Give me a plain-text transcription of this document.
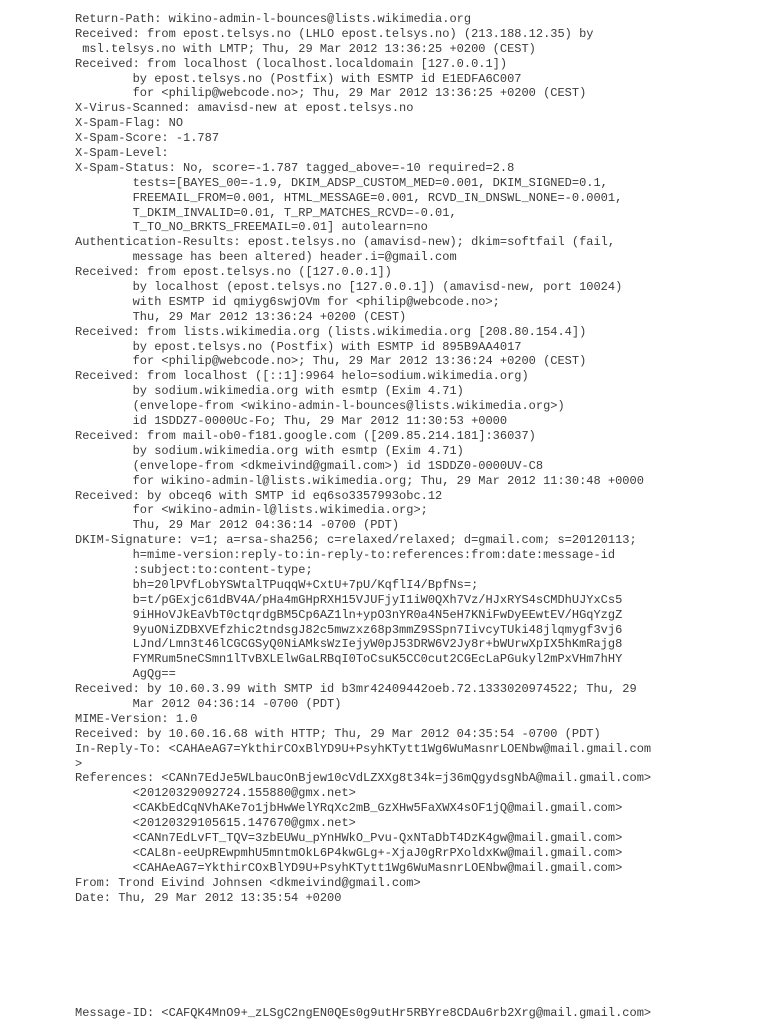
Return-Path: wikino-admin-l-bounces@lists.wikimedia.org
Received: from epost.telsys.no (LHLO epost.telsys.no) (213.188.12.35) by
msl.telsys.no with LMTP; Thu, 29 Mar 2012 13:36:25 +0200 (CEST)
Received: from localhost (localhost.localdomain [127.0.0.1])
by epost.telsys.no (Postfix) with ESMTP id E1EDFA6C007
for <philip@webcode.no>; Thu, 29 Mar 2012 13:36:25 +0200 (CEST)
X-Virus-Scanned: amavisd-new at epost.telsys.no
X-Spam-Flag: NO
X-Spam-Score: -1.787
X-Spam-Level:
X-Spam-Status: No, score=-1.787 tagged_above=-10 required=2.8
tests=[BAYES_00=-1.9, DKIM_ADSP_CUSTOM_MED=0.001, DKIM_SIGNED=0.1,
FREEMAIL_FROM=0.001, HTML_MESSAGE=0.001, RCVD_IN_DNSWL_NONE=-0.0001,
T_DKIM_INVALID=0.01, T_RP_MATCHES_RCVD=-0.01,
T_TO_NO_BRKTS_FREEMAIL=0.01] autolearn=no
Authentication-Results: epost.telsys.no (amavisd-new); dkim=softfail (fail,
message has been altered) header.i=@gmail.com
Received: from epost.telsys.no ([127.0.0.1])
by localhost (epost.telsys.no [127.0.0.1]) (amavisd-new, port 10024)
with ESMTP id qmiyg6swjOVm for <philip@webcode.no>;
Thu, 29 Mar 2012 13:36:24 +0200 (CEST)
Received: from lists.wikimedia.org (lists.wikimedia.org [208.80.154.4])
by epost.telsys.no (Postfix) with ESMTP id 895B9AA4017
for <philip@webcode.no>; Thu, 29 Mar 2012 13:36:24 +0200 (CEST)
Received: from localhost ([::1]:9964 helo=sodium.wikimedia.org)
by sodium.wikimedia.org with esmtp (Exim 4.71)
(envelope-from <wikino-admin-l-bounces@lists.wikimedia.org>)
id 1SDDZ7-0000Uc-Fo; Thu, 29 Mar 2012 11:30:53 +0000
Received: from mail-ob0-f181.google.com ([209.85.214.181]:36037)
by sodium.wikimedia.org with esmtp (Exim 4.71)
(envelope-from <dkmeivind@gmail.com>) id 1SDDZ0-0000UV-C8
for wikino-admin-l@lists.wikimedia.org; Thu, 29 Mar 2012 11:30:48 +0000
Received: by obceq6 with SMTP id eq6so3357993obc.12
for <wikino-admin-l@lists.wikimedia.org>;
Thu, 29 Mar 2012 04:36:14 -0700 (PDT)
DKIM-Signature: v=1; a=rsa-sha256; c=relaxed/relaxed; d=gmail.com; s=20120113;
h=mime-version:reply-to:in-reply-to:references:from:date:message-id
:subject:to:content-type;
bh=20lPVfLobYSWtalTPuqqW+CxtU+7pU/KqflI4/BpfNs=;
b=t/pGExjc61dBV4A/pHa4mGHpRXH15VJUFjyI1iW0QXh7Vz/HJxRYS4sCMDhUJYxCs5
9iHHoVJkEaVbT0ctqrdgBM5Cp6AZ1ln+ypO3nYR0a4N5eH7KNiFwDyEEwtEV/HGqYzgZ
9yuONiZDBXVEfzhic2tndsgJ82c5mwzxz68p3mmZ9SSpn7IivcyTUki48jlqmygf3vj6
LJnd/Lmn3t46lCGCGSyQ0NiAMksWzIejyW0pJ53DRW6V2Jy8r+bWUrwXpIX5hKmRajg8
FYMRum5neCSmn1lTvBXLElwGaLRBqI0ToCsuK5CC0cut2CGEcLaPGukyl2mPxVHm7hHY
AgQg==
Received: by 10.60.3.99 with SMTP id b3mr42409442oeb.72.1333020974522; Thu, 29
Mar 2012 04:36:14 -0700 (PDT)
MIME-Version: 1.0
Received: by 10.60.16.68 with HTTP; Thu, 29 Mar 2012 04:35:54 -0700 (PDT)
In-Reply-To: <CAHAeAG7=YkthirCOxBlYD9U+PsyhKTytt1Wg6WuMasnrLOENbw@mail.gmail.com
>
References: <CANn7EdJe5WLbaucOnBjew10cVdLZXXg8t34k=j36mQgydsgNbA@mail.gmail.com>
<20120329092724.155880@gmx.net>
<CAKbEdCqNVhAKe7o1jbHwWelYRqXc2mB_GzXHw5FaXWX4sOF1jQ@mail.gmail.com>
<20120329105615.147670@gmx.net>
<CANn7EdLvFT_TQV=3zbEUWu_pYnHWkO_Pvu-QxNTaDbT4DzK4gw@mail.gmail.com>
<CAL8n-eeUpREwpmhU5mntmOkL6P4kwGLg+-XjaJ0gRrPXoldxKw@mail.gmail.com>
<CAHAeAG7=YkthirCOxBlYD9U+PsyhKTytt1Wg6WuMasnrLOENbw@mail.gmail.com>
From: Trond Eivind Johnsen <dkmeivind@gmail.com>
Date: Thu, 29 Mar 2012 13:35:54 +0200
Message-ID: <CAFQK4MnO9+_zLSgC2ngEN0QEs0g9utHr5RBYre8CDAu6rb2Xrg@mail.gmail.com>
